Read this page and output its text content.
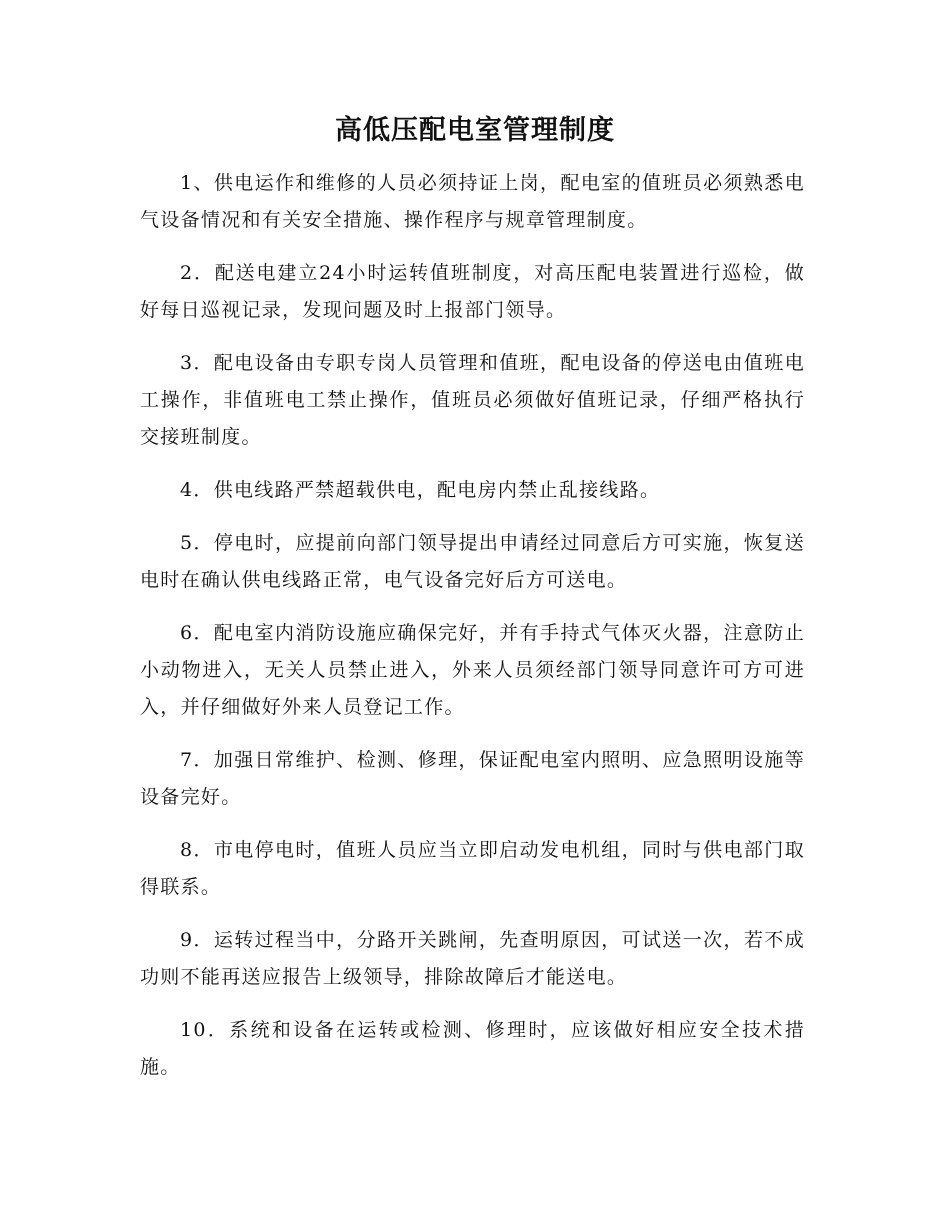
高低压配电室管理制度

1、供电运作和维修的人员必须持证上岗，配电室的值班员必须熟悉电气设备情况和有关安全措施、操作程序与规章管理制度。

2．配送电建立24小时运转值班制度，对高压配电装置进行巡检，做好每日巡视记录，发现问题及时上报部门领导。

3．配电设备由专职专岗人员管理和值班，配电设备的停送电由值班电工操作，非值班电工禁止操作，值班员必须做好值班记录，仔细严格执行交接班制度。

4．供电线路严禁超载供电，配电房内禁止乱接线路。

5．停电时，应提前向部门领导提出申请经过同意后方可实施，恢复送电时在确认供电线路正常，电气设备完好后方可送电。

6．配电室内消防设施应确保完好，并有手持式气体灭火器，注意防止小动物进入，无关人员禁止进入，外来人员须经部门领导同意许可方可进入，并仔细做好外来人员登记工作。

7．加强日常维护、检测、修理，保证配电室内照明、应急照明设施等设备完好。

8．市电停电时，值班人员应当立即启动发电机组，同时与供电部门取得联系。

9．运转过程当中，分路开关跳闸，先查明原因，可试送一次，若不成功则不能再送应报告上级领导，排除故障后才能送电。

10．系统和设备在运转或检测、修理时，应该做好相应安全技术措施。
